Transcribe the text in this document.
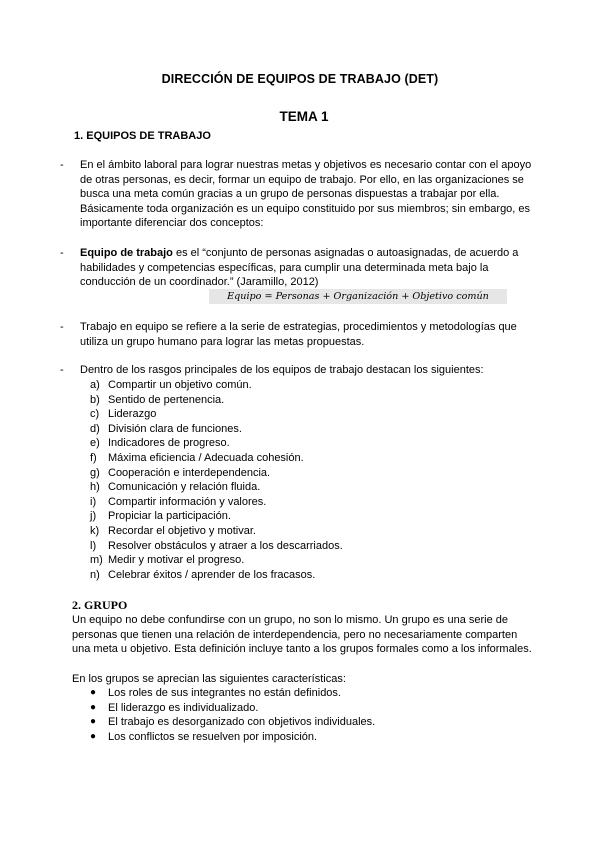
DIRECCIÓN DE EQUIPOS DE TRABAJO (DET)
TEMA 1
1. EQUIPOS DE TRABAJO
- En el ámbito laboral para lograr nuestras metas y objetivos es necesario contar con el apoyo de otras personas, es decir, formar un equipo de trabajo. Por ello, en las organizaciones se busca una meta común gracias a un grupo de personas dispuestas a trabajar por ella. Básicamente toda organización es un equipo constituido por sus miembros; sin embargo, es importante diferenciar dos conceptos:
- Equipo de trabajo es el “conjunto de personas asignadas o autoasignadas, de acuerdo a habilidades y competencias específicas, para cumplir una determinada meta bajo la conducción de un coordinador.” (Jaramillo, 2012)
Equipo = Personas + Organización + Objetivo común
- Trabajo en equipo se refiere a la serie de estrategias, procedimientos y metodologías que utiliza un grupo humano para lograr las metas propuestas.
- Dentro de los rasgos principales de los equipos de trabajo destacan los siguientes:
a) Compartir un objetivo común.
b) Sentido de pertenencia.
c) Liderazgo
d) División clara de funciones.
e) Indicadores de progreso.
f) Máxima eficiencia / Adecuada cohesión.
g) Cooperación e interdependencia.
h) Comunicación y relación fluida.
i) Compartir información y valores.
j) Propiciar la participación.
k) Recordar el objetivo y motivar.
l) Resolver obstáculos y atraer a los descarriados.
m) Medir y motivar el progreso.
n) Celebrar éxitos / aprender de los fracasos.
2. GRUPO
Un equipo no debe confundirse con un grupo, no son lo mismo. Un grupo es una serie de personas que tienen una relación de interdependencia, pero no necesariamente comparten una meta u objetivo. Esta definición incluye tanto a los grupos formales como a los informales.
En los grupos se aprecian las siguientes características:
● Los roles de sus integrantes no están definidos.
● El liderazgo es individualizado.
● El trabajo es desorganizado con objetivos individuales.
● Los conflictos se resuelven por imposición.
